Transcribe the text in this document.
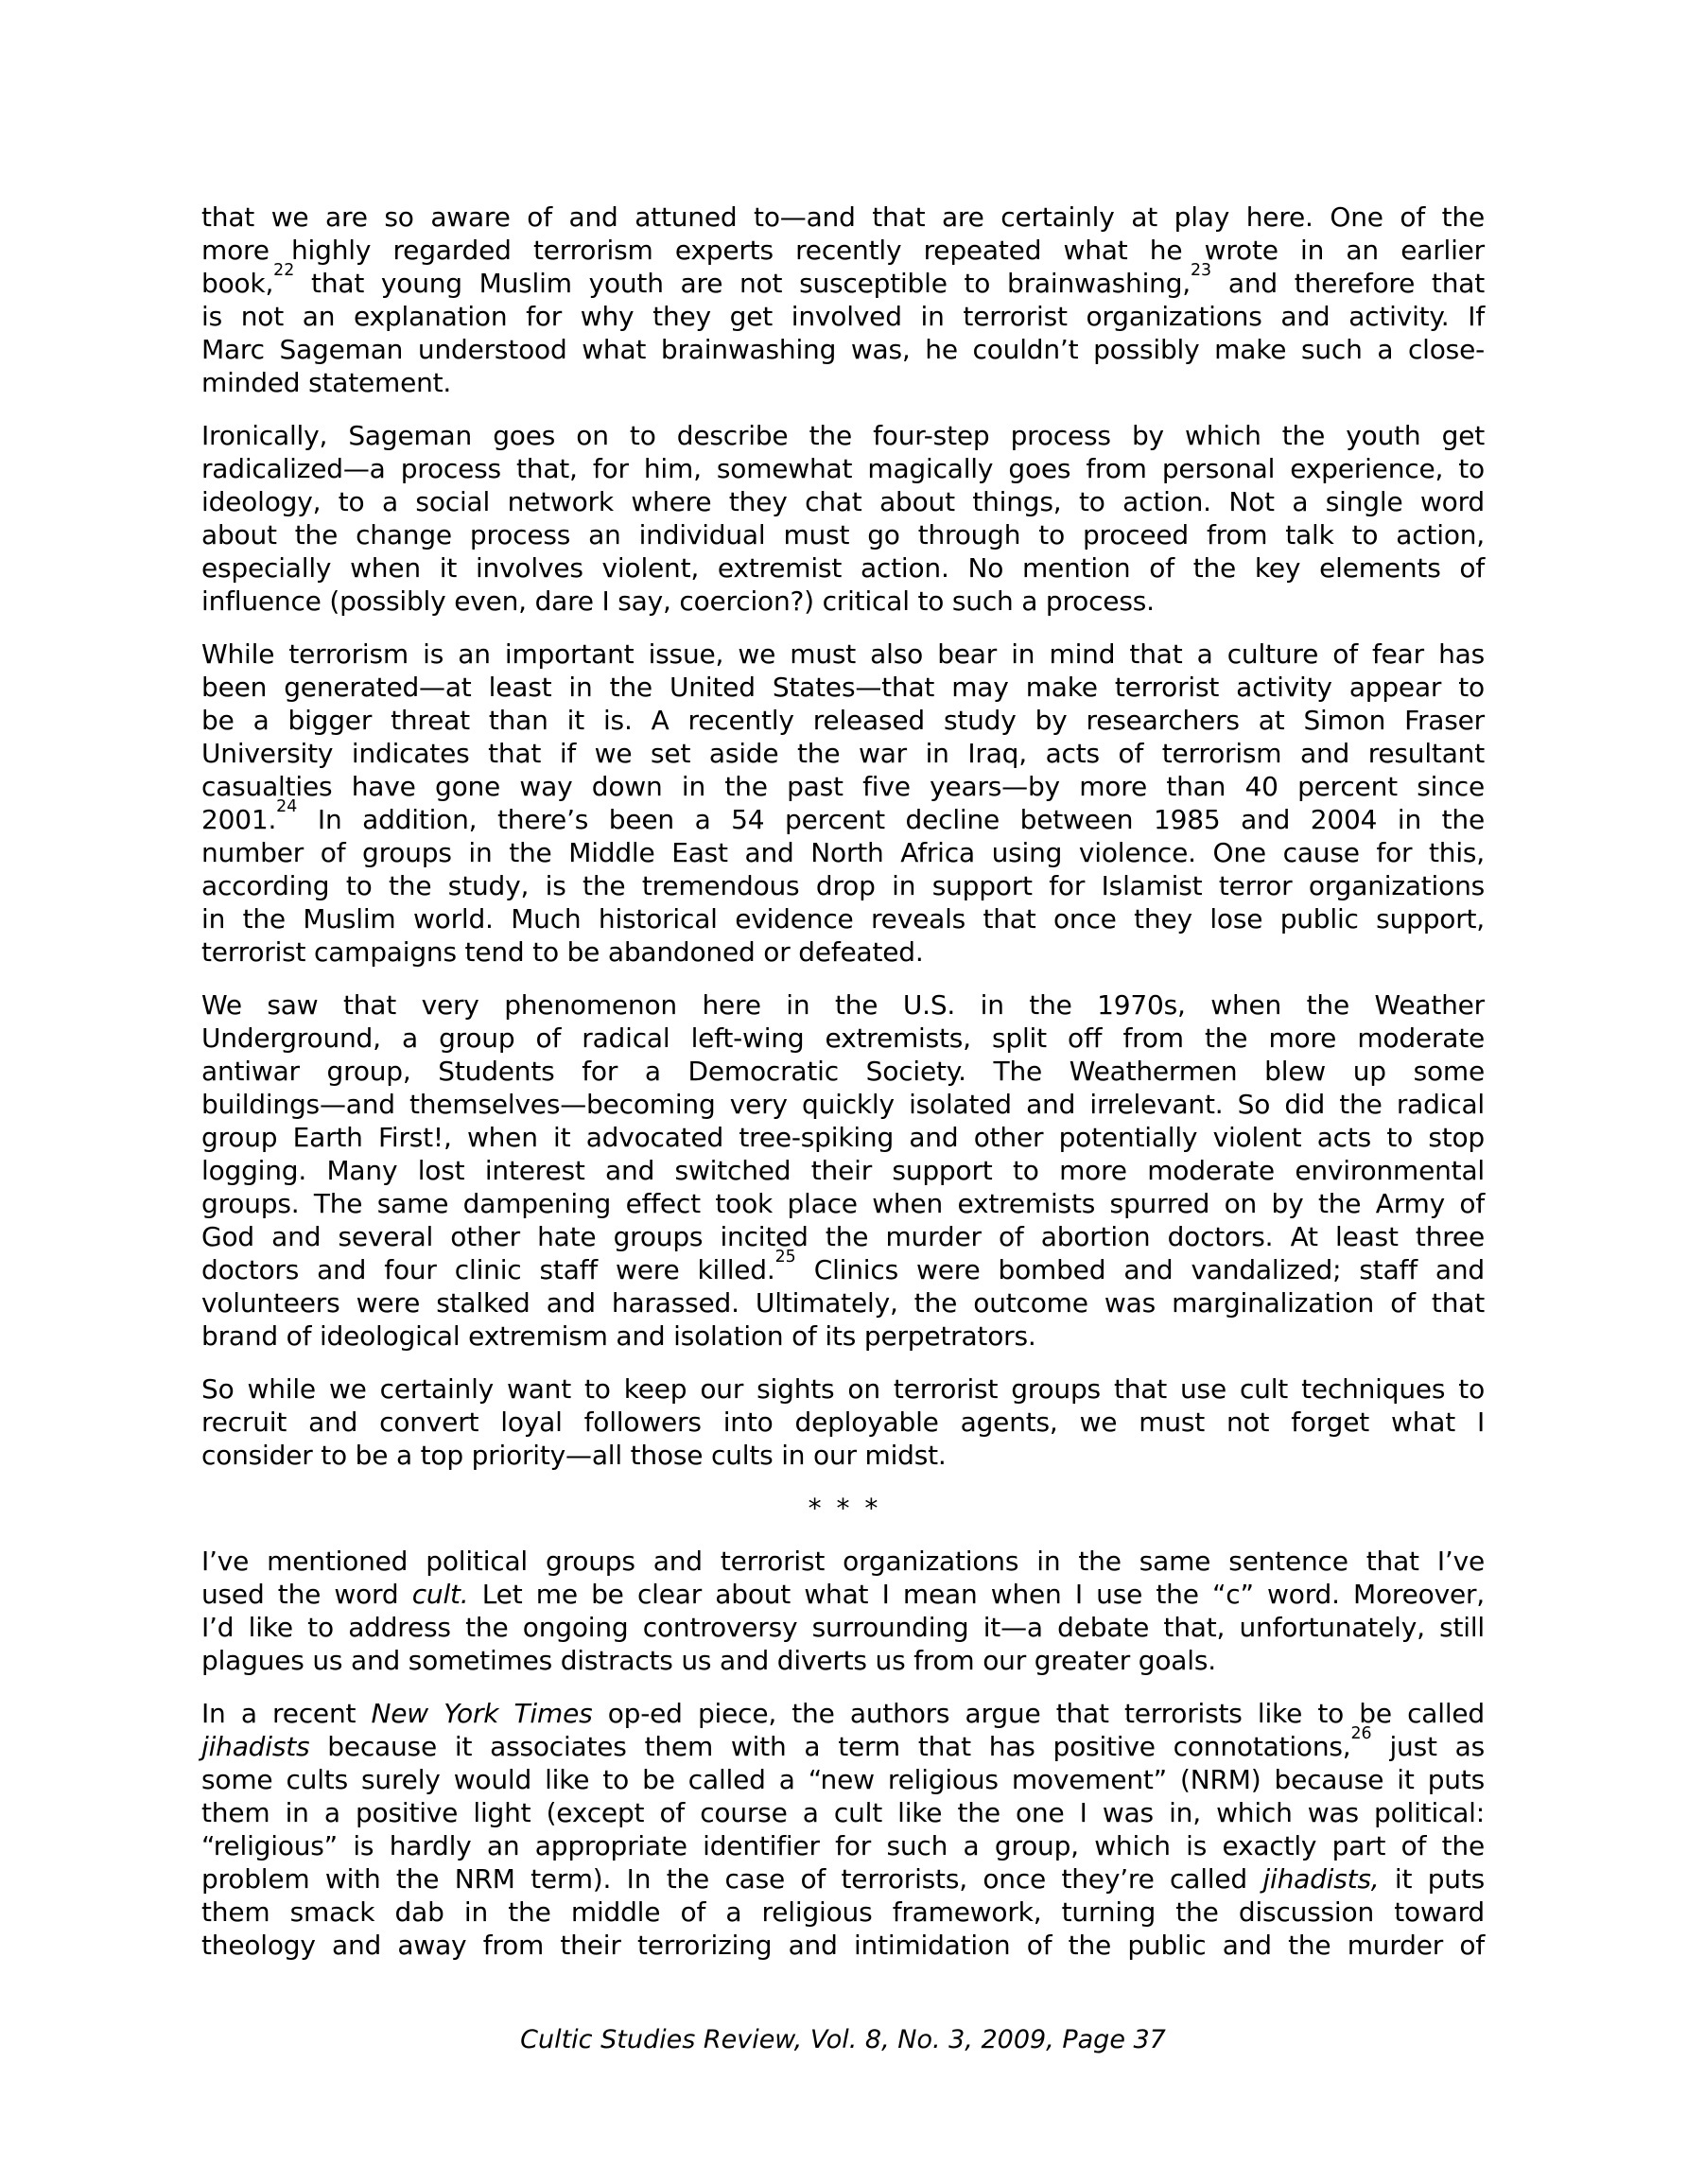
that we are so aware of and attuned to—and that are certainly at play here. One of the
more highly regarded terrorism experts recently repeated what he wrote in an earlier
book,$^{22}$ that young Muslim youth are not susceptible to brainwashing,$^{23}$ and therefore that
is not an explanation for why they get involved in terrorist organizations and activity. If
Marc Sageman understood what brainwashing was, he couldn’t possibly make such a close-
minded statement.

Ironically, Sageman goes on to describe the four-step process by which the youth get
radicalized—a process that, for him, somewhat magically goes from personal experience, to
ideology, to a social network where they chat about things, to action. Not a single word
about the change process an individual must go through to proceed from talk to action,
especially when it involves violent, extremist action. No mention of the key elements of
influence (possibly even, dare I say, coercion?) critical to such a process.

While terrorism is an important issue, we must also bear in mind that a culture of fear has
been generated—at least in the United States—that may make terrorist activity appear to
be a bigger threat than it is. A recently released study by researchers at Simon Fraser
University indicates that if we set aside the war in Iraq, acts of terrorism and resultant
casualties have gone way down in the past five years—by more than 40 percent since
2001.24 In addition, there’s been a 54 percent decline between 1985 and 2004 in the
number of groups in the Middle East and North Africa using violence. One cause for this,
according to the study, is the tremendous drop in support for Islamist terror organizations
in the Muslim world. Much historical evidence reveals that once they lose public support,
terrorist campaigns tend to be abandoned or defeated.

We saw that very phenomenon here in the U.S. in the 1970s, when the Weather
Underground, a group of radical left-wing extremists, split off from the more moderate
antiwar group, Students for a Democratic Society. The Weathermen blew up some
buildings—and themselves—becoming very quickly isolated and irrelevant. So did the radical
group Earth First!, when it advocated tree-spiking and other potentially violent acts to stop
logging. Many lost interest and switched their support to more moderate environmental
groups. The same dampening effect took place when extremists spurred on by the Army of
God and several other hate groups incited the murder of abortion doctors. At least three
doctors and four clinic staff were killed.$^{25}$ Clinics were bombed and vandalized; staff and
volunteers were stalked and harassed. Ultimately, the outcome was marginalization of that
brand of ideological extremism and isolation of its perpetrators.

So while we certainly want to keep our sights on terrorist groups that use cult techniques to
recruit and convert loyal followers into deployable agents, we must not forget what I
consider to be a top priority—all those cults in our midst.

* * *

I’ve mentioned political groups and terrorist organizations in the same sentence that I’ve
used the word cult. Let me be clear about what I mean when I use the “c” word. Moreover,
I’d like to address the ongoing controversy surrounding it—a debate that, unfortunately, still
plagues us and sometimes distracts us and diverts us from our greater goals.

In a recent New York Times op-ed piece, the authors argue that terrorists like to be called
jihadists because it associates them with a term that has positive connotations,$^{26}$ just as
some cults surely would like to be called a “new religious movement” (NRM) because it puts
them in a positive light (except of course a cult like the one I was in, which was political:
“religious” is hardly an appropriate identifier for such a group, which is exactly part of the
problem with the NRM term). In the case of terrorists, once they’re called jihadists, it puts
them smack dab in the middle of a religious framework, turning the discussion toward
theology and away from their terrorizing and intimidation of the public and the murder of

Cultic Studies Review, Vol. 8, No. 3, 2009, Page 37
